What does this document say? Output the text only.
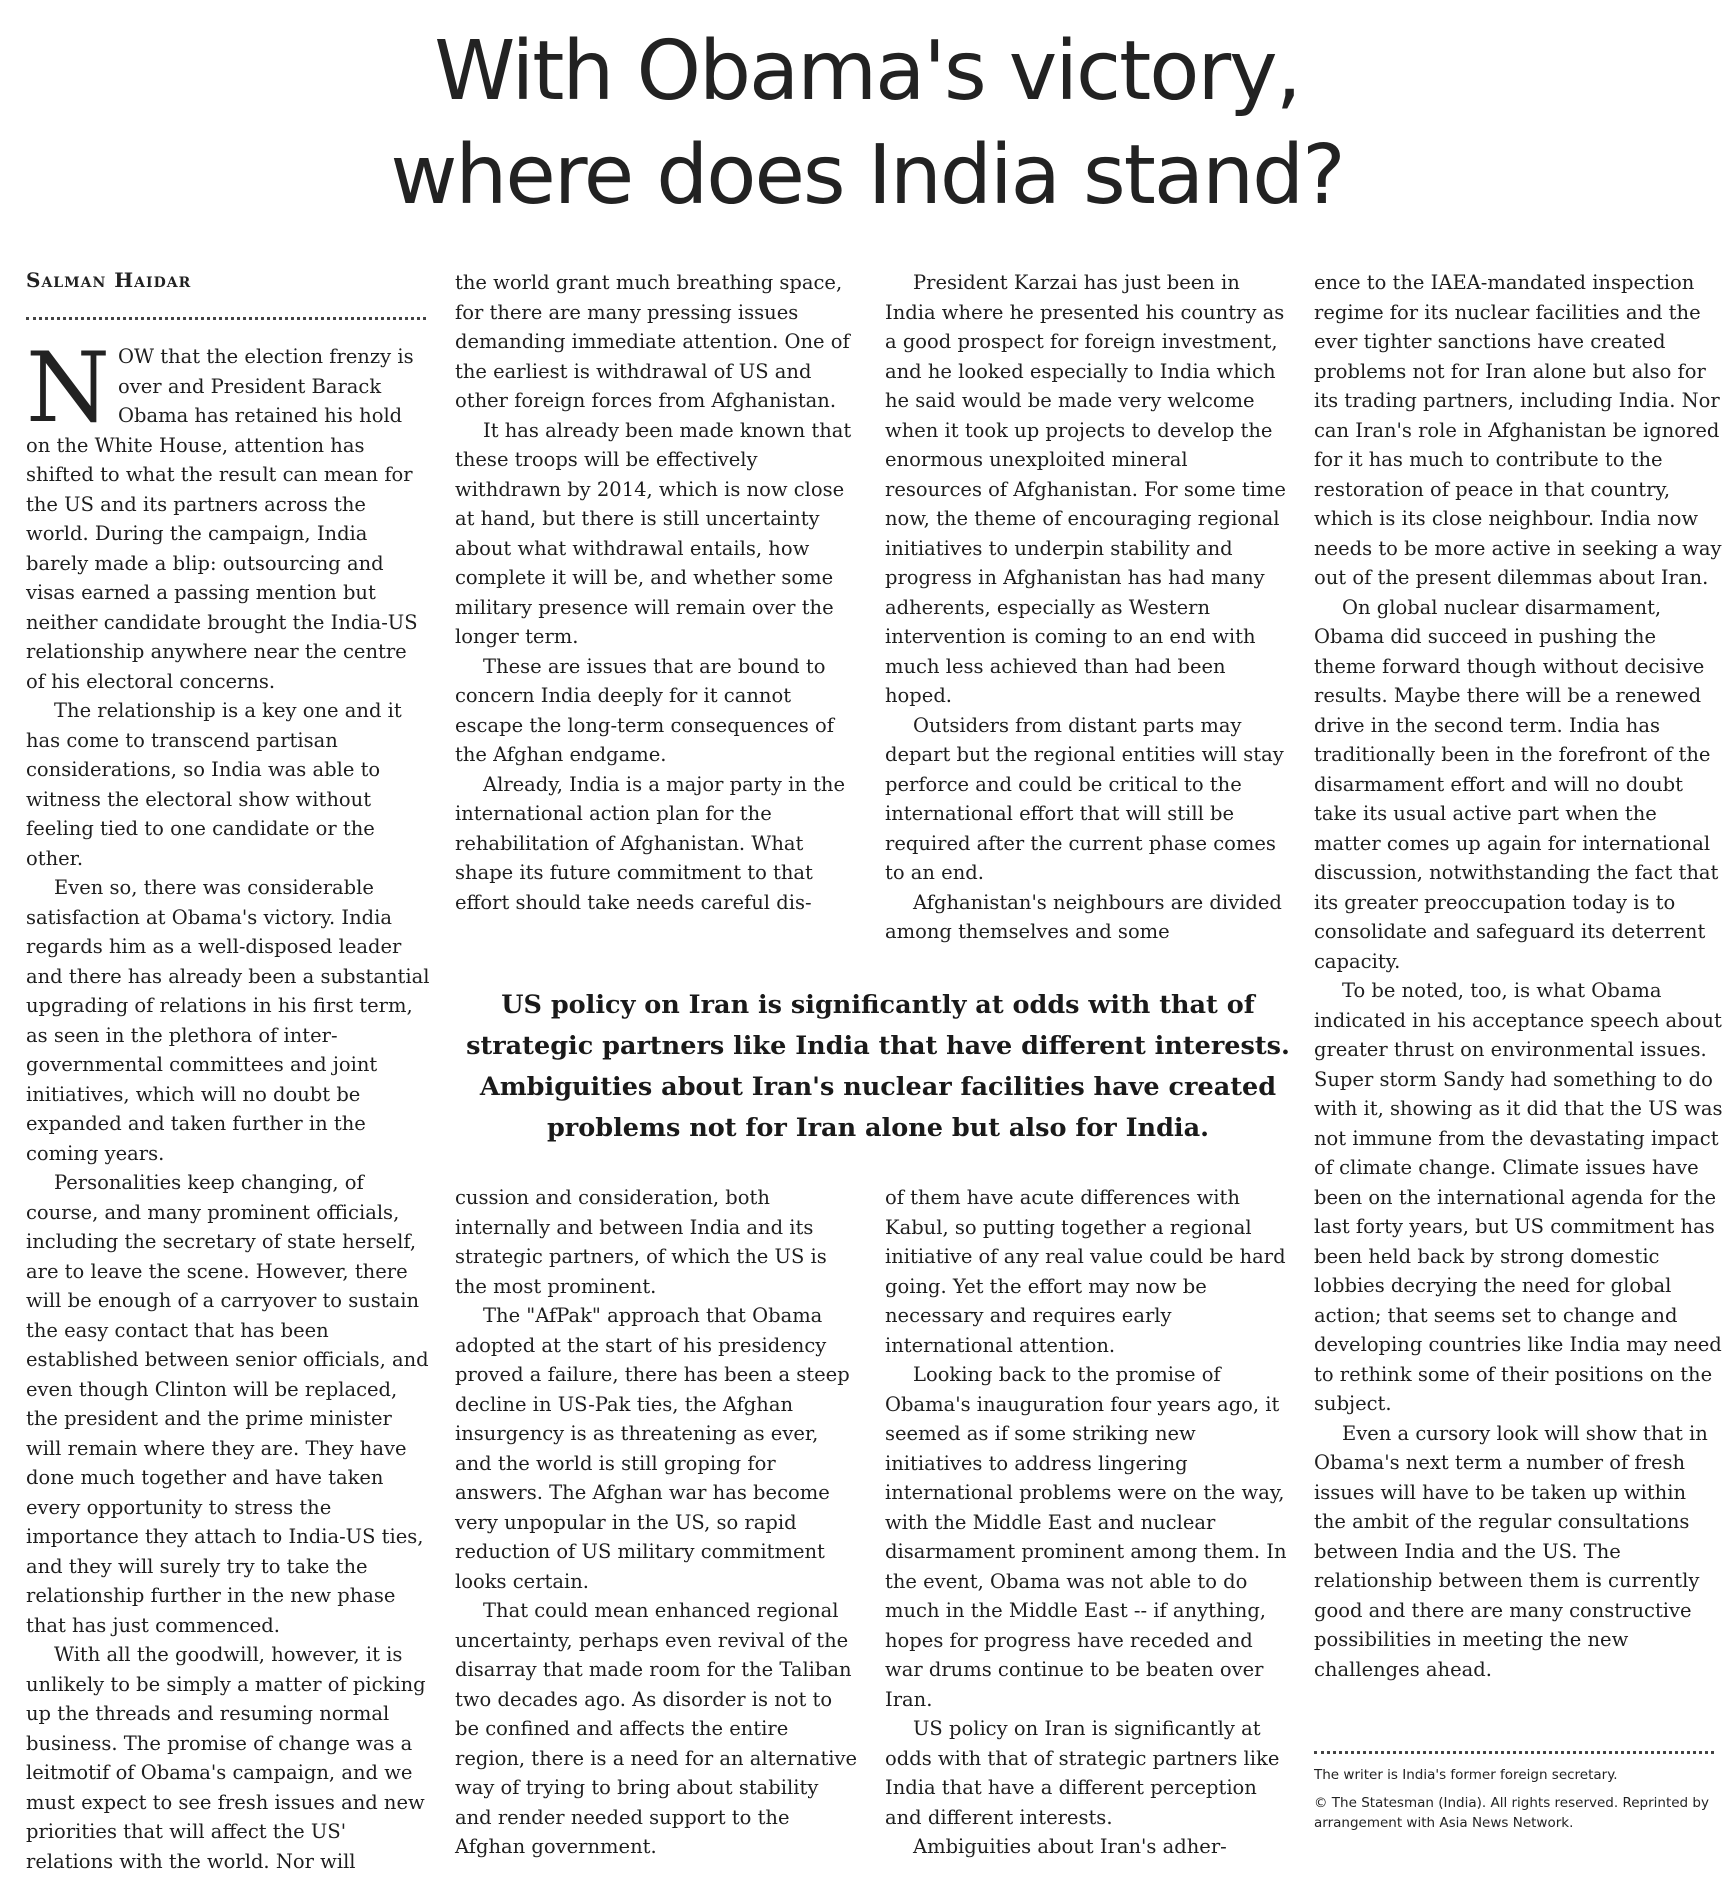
With Obama's victory,
where does India stand?
Salman Haidar

NOW that the election frenzy is over and President Barack Obama has retained his hold on the White House, attention has shifted to what the result can mean for the US and its partners across the world. During the campaign, India barely made a blip: outsourcing and visas earned a passing mention but neither candidate brought the India-US relationship anywhere near the centre of his electoral concerns.

The relationship is a key one and it has come to transcend partisan considerations, so India was able to witness the electoral show without feeling tied to one candidate or the other.

Even so, there was considerable satisfaction at Obama's victory. India regards him as a well-disposed leader and there has already been a substantial upgrading of relations in his first term, as seen in the plethora of inter-governmental committees and joint initiatives, which will no doubt be expanded and taken further in the coming years.

Personalities keep changing, of course, and many prominent officials, including the secretary of state herself, are to leave the scene. However, there will be enough of a carryover to sustain the easy contact that has been established between senior officials, and even though Clinton will be replaced, the president and the prime minister will remain where they are. They have done much together and have taken every opportunity to stress the importance they attach to India-US ties, and they will surely try to take the relationship further in the new phase that has just commenced.

With all the goodwill, however, it is unlikely to be simply a matter of picking up the threads and resuming normal business. The promise of change was a leitmotif of Obama's campaign, and we must expect to see fresh issues and new priorities that will affect the US' relations with the world. Nor will

the world grant much breathing space, for there are many pressing issues demanding immediate attention. One of the earliest is withdrawal of US and other foreign forces from Afghanistan.

It has already been made known that these troops will be effectively withdrawn by 2014, which is now close at hand, but there is still uncertainty about what withdrawal entails, how complete it will be, and whether some military presence will remain over the longer term.

These are issues that are bound to concern India deeply for it cannot escape the long-term consequences of the Afghan endgame.

Already, India is a major party in the international action plan for the rehabilitation of Afghanistan. What shape its future commitment to that effort should take needs careful dis-

President Karzai has just been in India where he presented his country as a good prospect for foreign investment, and he looked especially to India which he said would be made very welcome when it took up projects to develop the enormous unexploited mineral resources of Afghanistan. For some time now, the theme of encouraging regional initiatives to underpin stability and progress in Afghanistan has had many adherents, especially as Western intervention is coming to an end with much less achieved than had been hoped.

Outsiders from distant parts may depart but the regional entities will stay perforce and could be critical to the international effort that will still be required after the current phase comes to an end.

Afghanistan's neighbours are divided among themselves and some

US policy on Iran is significantly at odds with that of strategic partners like India that have different interests. Ambiguities about Iran's nuclear facilities have created problems not for Iran alone but also for India.

cussion and consideration, both internally and between India and its strategic partners, of which the US is the most prominent.

The "AfPak" approach that Obama adopted at the start of his presidency proved a failure, there has been a steep decline in US-Pak ties, the Afghan insurgency is as threatening as ever, and the world is still groping for answers. The Afghan war has become very unpopular in the US, so rapid reduction of US military commitment looks certain.

That could mean enhanced regional uncertainty, perhaps even revival of the disarray that made room for the Taliban two decades ago. As disorder is not to be confined and affects the entire region, there is a need for an alternative way of trying to bring about stability and render needed support to the Afghan government.

of them have acute differences with Kabul, so putting together a regional initiative of any real value could be hard going. Yet the effort may now be necessary and requires early international attention.

Looking back to the promise of Obama's inauguration four years ago, it seemed as if some striking new initiatives to address lingering international problems were on the way, with the Middle East and nuclear disarmament prominent among them. In the event, Obama was not able to do much in the Middle East -- if anything, hopes for progress have receded and war drums continue to be beaten over Iran.

US policy on Iran is significantly at odds with that of strategic partners like India that have a different perception and different interests.

Ambiguities about Iran's adher-

ence to the IAEA-mandated inspection regime for its nuclear facilities and the ever tighter sanctions have created problems not for Iran alone but also for its trading partners, including India. Nor can Iran's role in Afghanistan be ignored for it has much to contribute to the restoration of peace in that country, which is its close neighbour. India now needs to be more active in seeking a way out of the present dilemmas about Iran.

On global nuclear disarmament, Obama did succeed in pushing the theme forward though without decisive results. Maybe there will be a renewed drive in the second term. India has traditionally been in the forefront of the disarmament effort and will no doubt take its usual active part when the matter comes up again for international discussion, notwithstanding the fact that its greater preoccupation today is to consolidate and safeguard its deterrent capacity.

To be noted, too, is what Obama indicated in his acceptance speech about greater thrust on environmental issues. Super storm Sandy had something to do with it, showing as it did that the US was not immune from the devastating impact of climate change. Climate issues have been on the international agenda for the last forty years, but US commitment has been held back by strong domestic lobbies decrying the need for global action; that seems set to change and developing countries like India may need to rethink some of their positions on the subject.

Even a cursory look will show that in Obama's next term a number of fresh issues will have to be taken up within the ambit of the regular consultations between India and the US. The relationship between them is currently good and there are many constructive possibilities in meeting the new challenges ahead.

The writer is India's former foreign secretary.

© The Statesman (India). All rights reserved. Reprinted by arrangement with Asia News Network.
